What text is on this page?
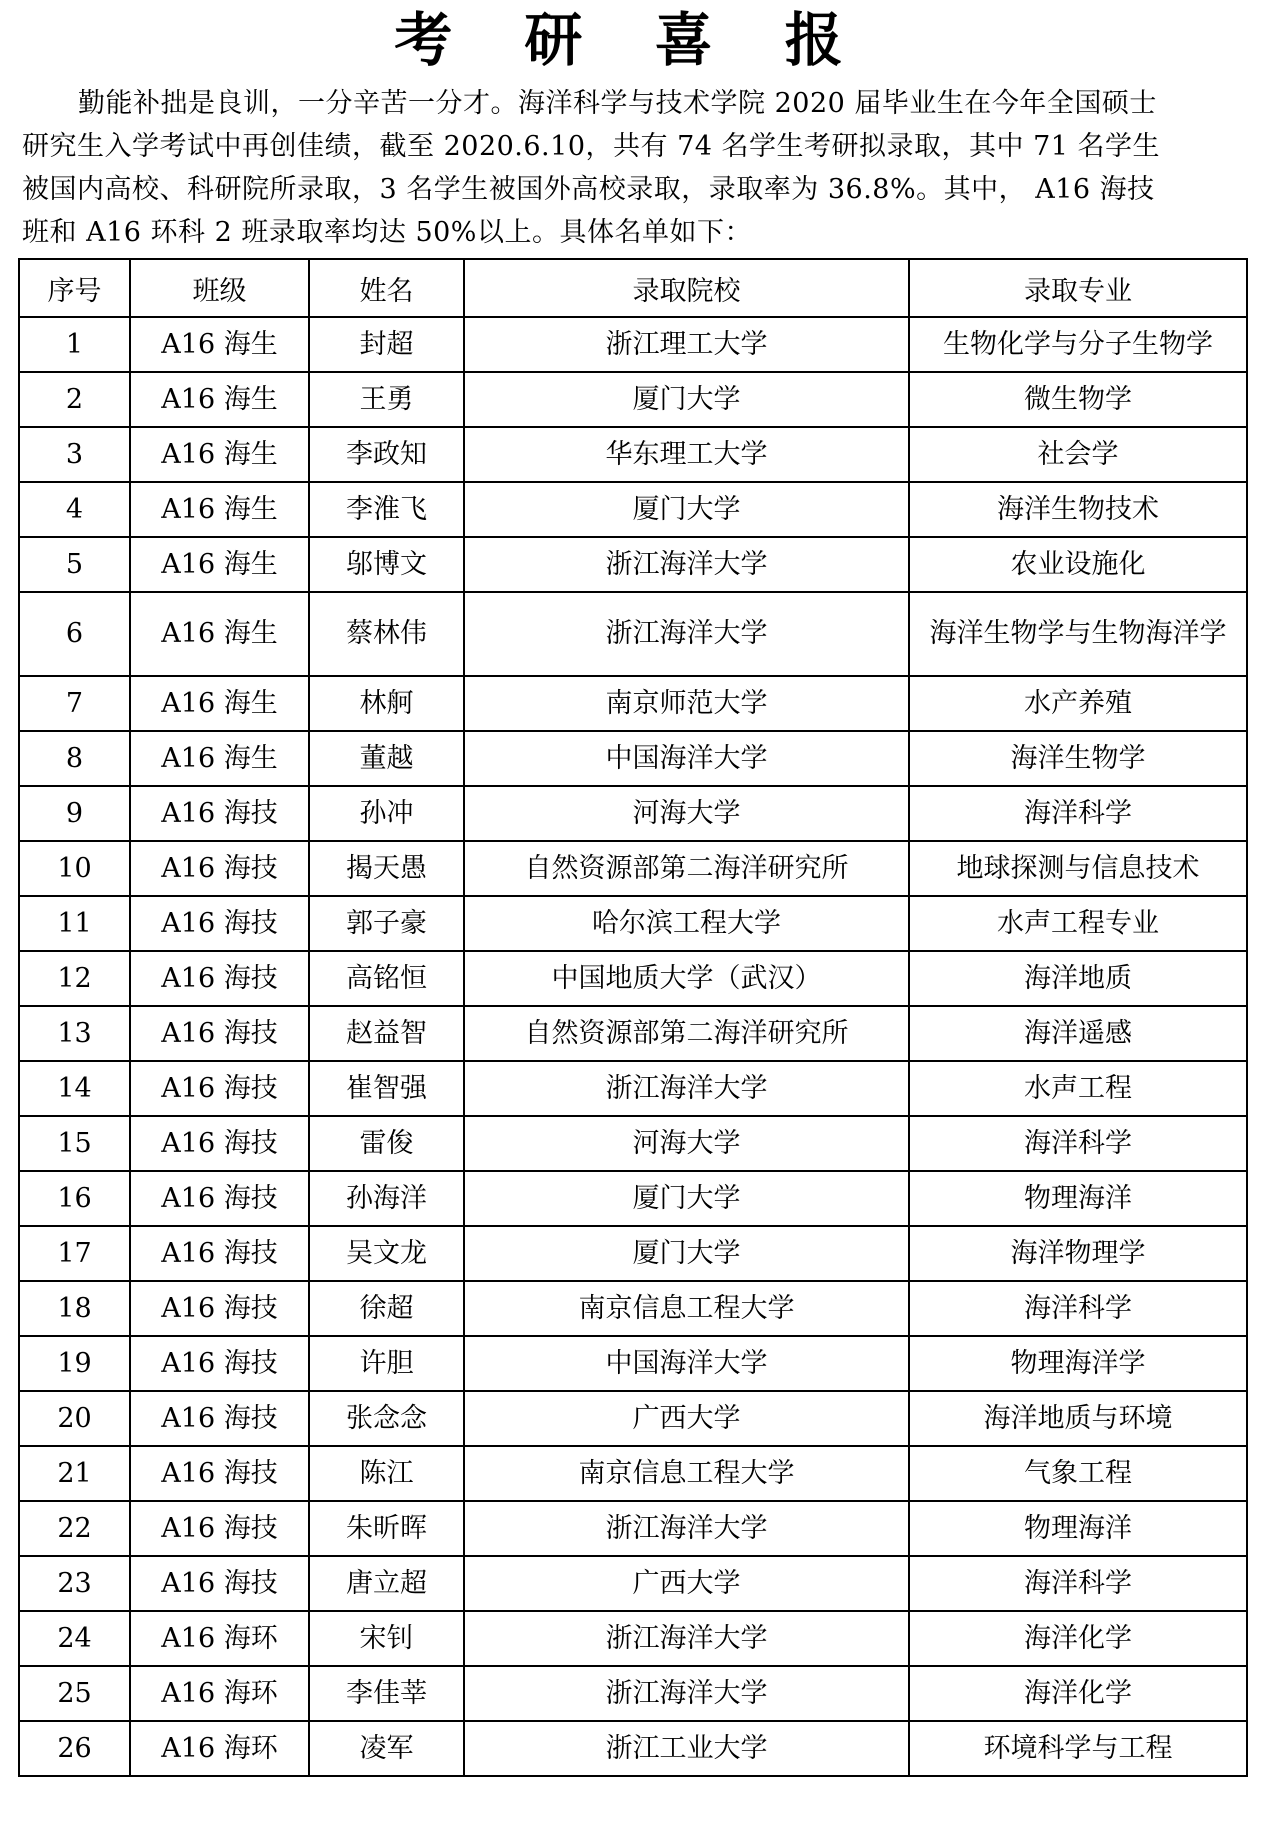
考 研 喜 报
勤能补拙是良训，一分辛苦一分才。海洋科学与技术学院 2020 届毕业生在今年全国硕士
研究生入学考试中再创佳绩，截至 2020.6.10，共有 74 名学生考研拟录取，其中 71 名学生
被国内高校、科研院所录取，3 名学生被国外高校录取，录取率为 36.8%。其中， A16 海技
班和 A16 环科 2 班录取率均达 50%以上。具体名单如下：
序号	班级	姓名	录取院校	录取专业
1	A16 海生	封超	浙江理工大学	生物化学与分子生物学
2	A16 海生	王勇	厦门大学	微生物学
3	A16 海生	李政知	华东理工大学	社会学
4	A16 海生	李淮飞	厦门大学	海洋生物技术
5	A16 海生	邬博文	浙江海洋大学	农业设施化
6	A16 海生	蔡林伟	浙江海洋大学	海洋生物学与生物海洋学
7	A16 海生	林舸	南京师范大学	水产养殖
8	A16 海生	董越	中国海洋大学	海洋生物学
9	A16 海技	孙冲	河海大学	海洋科学
10	A16 海技	揭天愚	自然资源部第二海洋研究所	地球探测与信息技术
11	A16 海技	郭子豪	哈尔滨工程大学	水声工程专业
12	A16 海技	高铭恒	中国地质大学（武汉）	海洋地质
13	A16 海技	赵益智	自然资源部第二海洋研究所	海洋遥感
14	A16 海技	崔智强	浙江海洋大学	水声工程
15	A16 海技	雷俊	河海大学	海洋科学
16	A16 海技	孙海洋	厦门大学	物理海洋
17	A16 海技	吴文龙	厦门大学	海洋物理学
18	A16 海技	徐超	南京信息工程大学	海洋科学
19	A16 海技	许胆	中国海洋大学	物理海洋学
20	A16 海技	张念念	广西大学	海洋地质与环境
21	A16 海技	陈江	南京信息工程大学	气象工程
22	A16 海技	朱昕晖	浙江海洋大学	物理海洋
23	A16 海技	唐立超	广西大学	海洋科学
24	A16 海环	宋钊	浙江海洋大学	海洋化学
25	A16 海环	李佳莘	浙江海洋大学	海洋化学
26	A16 海环	凌军	浙江工业大学	环境科学与工程
